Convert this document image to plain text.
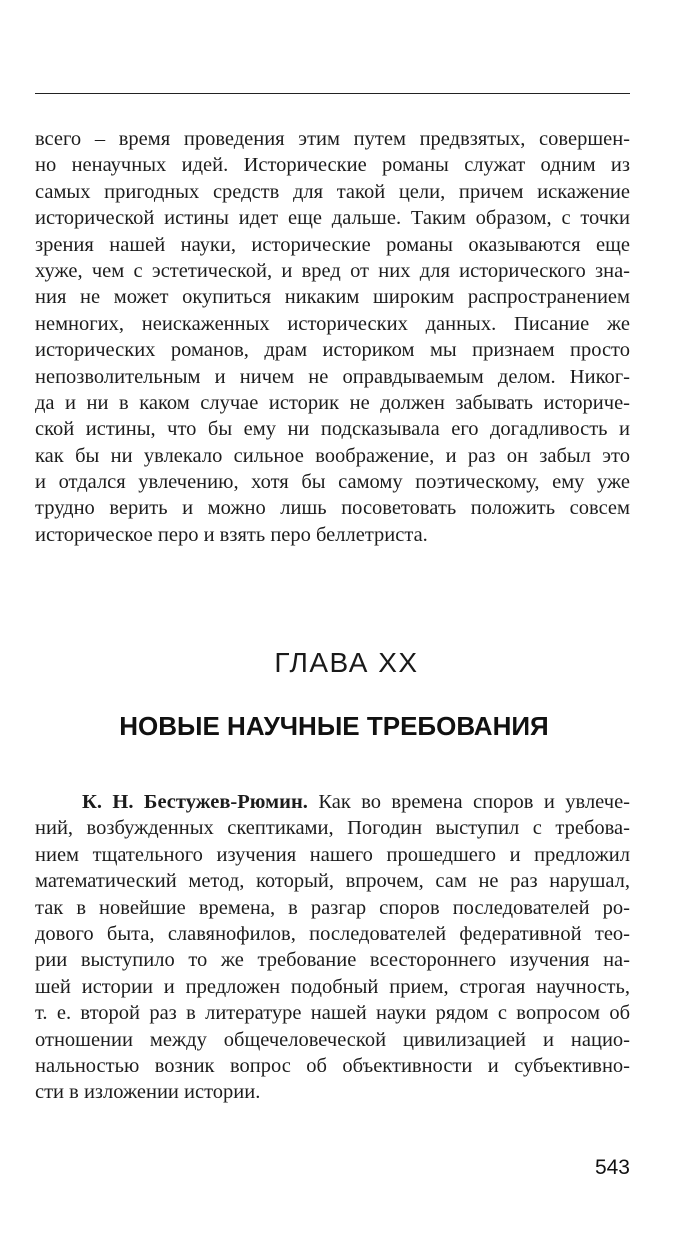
всего – время проведения этим путем предвзятых, совершен-
но ненаучных идей. Исторические романы служат одним из
самых пригодных средств для такой цели, причем искажение
исторической истины идет еще дальше. Таким образом, с точки
зрения нашей науки, исторические романы оказываются еще
хуже, чем с эстетической, и вред от них для исторического зна-
ния не может окупиться никаким широким распространением
немногих, неискаженных исторических данных. Писание же
исторических романов, драм историком мы признаем просто
непозволительным и ничем не оправдываемым делом. Никог-
да и ни в каком случае историк не должен забывать историче-
ской истины, что бы ему ни подсказывала его догадливость и
как бы ни увлекало сильное воображение, и раз он забыл это
и отдался увлечению, хотя бы самому поэтическому, ему уже
трудно верить и можно лишь посоветовать положить совсем
историческое перо и взять перо беллетриста.
ГЛАВА XX
НОВЫЕ НАУЧНЫЕ ТРЕБОВАНИЯ
К. Н. Бестужев-Рюмин. Как во времена споров и увлече-
ний, возбужденных скептиками, Погодин выступил с требова-
нием тщательного изучения нашего прошедшего и предложил
математический метод, который, впрочем, сам не раз нарушал,
так в новейшие времена, в разгар споров последователей ро-
дового быта, славянофилов, последователей федеративной тео-
рии выступило то же требование всестороннего изучения на-
шей истории и предложен подобный прием, строгая научность,
т. е. второй раз в литературе нашей науки рядом с вопросом об
отношении между общечеловеческой цивилизацией и нацио-
нальностью возник вопрос об объективности и субъективно-
сти в изложении истории.
543
